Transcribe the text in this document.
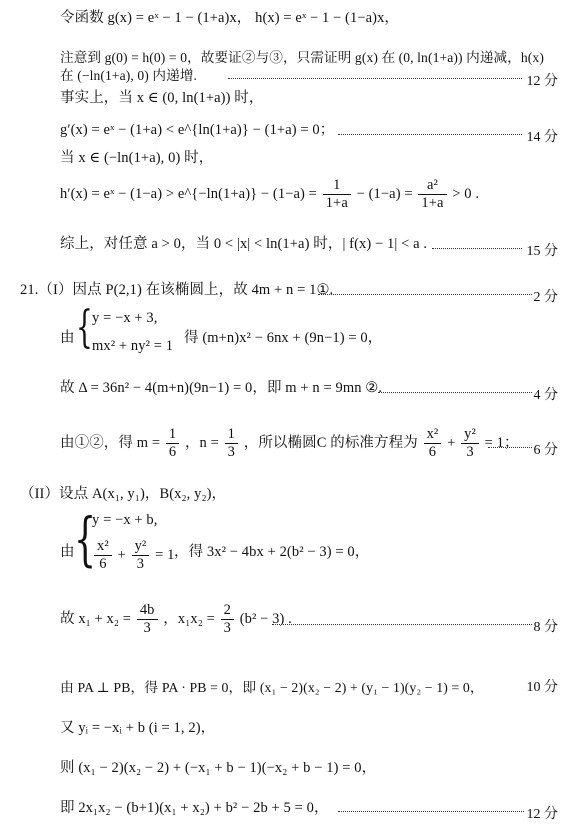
令函数 g(x) = eˣ − 1 − (1+a)x， h(x) = eˣ − 1 − (1−a)x，
注意到 g(0) = h(0) = 0，故要证②与③，只需证明 g(x) 在 (0, ln(1+a)) 内递减，h(x)
在 (−ln(1+a), 0) 内递增.	12 分
事实上，当 x ∈ (0, ln(1+a)) 时，
g′(x) = eˣ − (1+a) < e^{ln(1+a)} − (1+a) = 0；	14 分
当 x ∈ (−ln(1+a), 0) 时，
h′(x) = eˣ − (1−a) > e^{−ln(1+a)} − $(1-a) = \frac{1}{1+a} - (1-a) = \frac{\text{a²}}{1+a} > 0$ .
综上，对任意 a > 0，当 0 < |x| < ln(1+a) 时，| f(x) − 1| < a .	15 分
21.（I）因点 P(2,1) 在该椭圆上，故 4m + n = 1①.	2 分
由 { y = −x + 3,
mx² + ny² = 1 得 (m+n)x² − 6nx + (9n−1) = 0，
故 Δ = 36n² − 4(m+n)(9n−1) = 0，即 m + n = 9mn ②.	4 分
由①②，得 $m = \frac{1}{6}$ ，$n = \frac{1}{3}$ ，所以椭圆C 的标准方程为 $\frac{\text{x²}}{6} + \frac{\text{y²}}{3} = 1$； 6 分
（II）设点 A(x₁, y₁)，B(x₂, y₂)，
由 {
y = −x + b,
$\frac{\text{x²}}{6} + \frac{\text{y²}}{3} = 1$ ，得 3x² − 4bx + 2(b² − 3) = 0，
故 $x_1 + x_2 = \frac{4b}{3}$ ，$x_1x_2 = \frac{2}{3} (b^2 - 3)$ .
8 分
由 PA ⊥ PB，得 PA · PB = 0，即 (x₁ − 2)(x₂ − 2) + (y₁ − 1)(y₂ − 1) = 0，	10 分
又 yᵢ = −xᵢ + b (i = 1, 2)，
则 (x₁ − 2)(x₂ − 2) + (−x₁ + b − 1)(−x₂ + b − 1) = 0，
即 2x₁x₂ − (b+1)(x₁ + x₂) + b² − 2b + 5 = 0，	12 分
